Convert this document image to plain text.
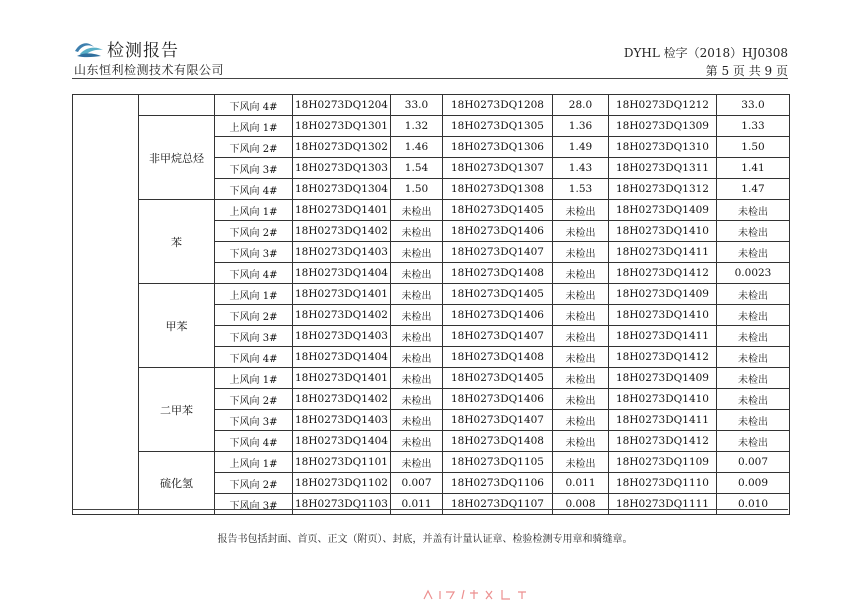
检测报告
山东恒利检测技术有限公司
DYHL 检字（2018）HJ0308
第 5 页 共 9 页
		下风向 4#	18H0273DQ1204	33.0	18H0273DQ1208	28.0	18H0273DQ1212	33.0
	非甲烷总烃	上风向 1#	18H0273DQ1301	1.32	18H0273DQ1305	1.36	18H0273DQ1309	1.33
		下风向 2#	18H0273DQ1302	1.46	18H0273DQ1306	1.49	18H0273DQ1310	1.50
		下风向 3#	18H0273DQ1303	1.54	18H0273DQ1307	1.43	18H0273DQ1311	1.41
		下风向 4#	18H0273DQ1304	1.50	18H0273DQ1308	1.53	18H0273DQ1312	1.47
	苯	上风向 1#	18H0273DQ1401	未检出	18H0273DQ1405	未检出	18H0273DQ1409	未检出
		下风向 2#	18H0273DQ1402	未检出	18H0273DQ1406	未检出	18H0273DQ1410	未检出
		下风向 3#	18H0273DQ1403	未检出	18H0273DQ1407	未检出	18H0273DQ1411	未检出
		下风向 4#	18H0273DQ1404	未检出	18H0273DQ1408	未检出	18H0273DQ1412	0.0023
	甲苯	上风向 1#	18H0273DQ1401	未检出	18H0273DQ1405	未检出	18H0273DQ1409	未检出
		下风向 2#	18H0273DQ1402	未检出	18H0273DQ1406	未检出	18H0273DQ1410	未检出
		下风向 3#	18H0273DQ1403	未检出	18H0273DQ1407	未检出	18H0273DQ1411	未检出
		下风向 4#	18H0273DQ1404	未检出	18H0273DQ1408	未检出	18H0273DQ1412	未检出
	二甲苯	上风向 1#	18H0273DQ1401	未检出	18H0273DQ1405	未检出	18H0273DQ1409	未检出
		下风向 2#	18H0273DQ1402	未检出	18H0273DQ1406	未检出	18H0273DQ1410	未检出
		下风向 3#	18H0273DQ1403	未检出	18H0273DQ1407	未检出	18H0273DQ1411	未检出
		下风向 4#	18H0273DQ1404	未检出	18H0273DQ1408	未检出	18H0273DQ1412	未检出
	硫化氢	上风向 1#	18H0273DQ1101	未检出	18H0273DQ1105	未检出	18H0273DQ1109	0.007
		下风向 2#	18H0273DQ1102	0.007	18H0273DQ1106	0.011	18H0273DQ1110	0.009
		下风向 3#	18H0273DQ1103	0.011	18H0273DQ1107	0.008	18H0273DQ1111	0.010
报告书包括封面、首页、正文（附页）、封底，并盖有计量认证章、检验检测专用章和骑缝章。
